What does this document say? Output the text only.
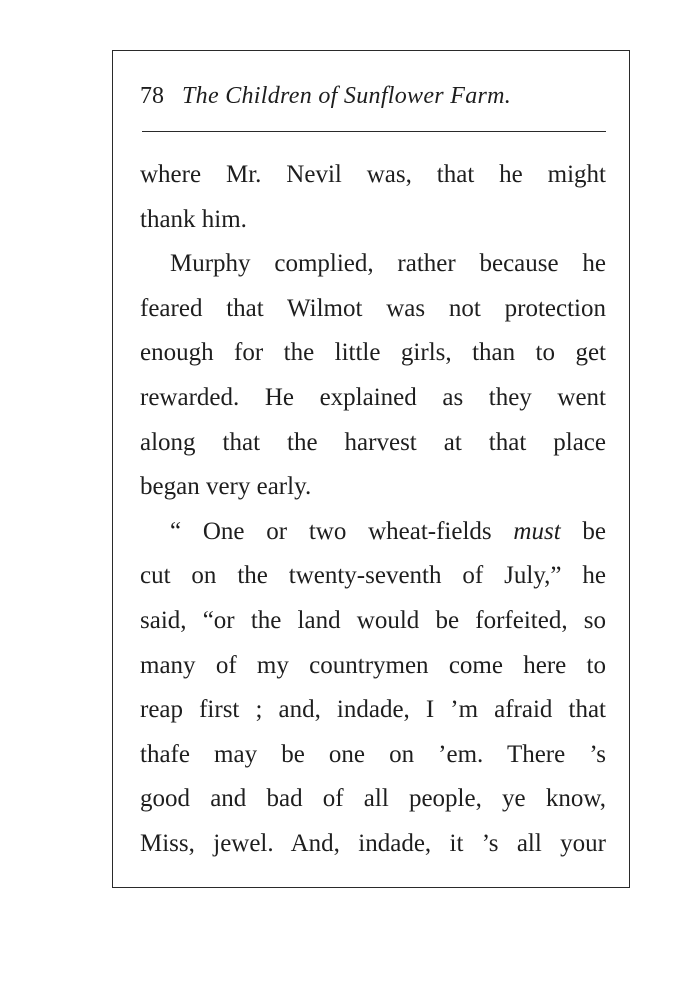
78 The Children of Sunflower Farm.
where Mr. Nevil was, that he might
thank him.
Murphy complied, rather because he
feared that Wilmot was not protection
enough for the little girls, than to get
rewarded. He explained as they went
along that the harvest at that place
began very early.
“ One or two wheat-fields must be
cut on the twenty-seventh of July,” he
said, “or the land would be forfeited, so
many of my countrymen come here to
reap first ; and, indade, I ’m afraid that
thafe may be one on ’em. There ’s
good and bad of all people, ye know,
Miss, jewel. And, indade, it ’s all your
